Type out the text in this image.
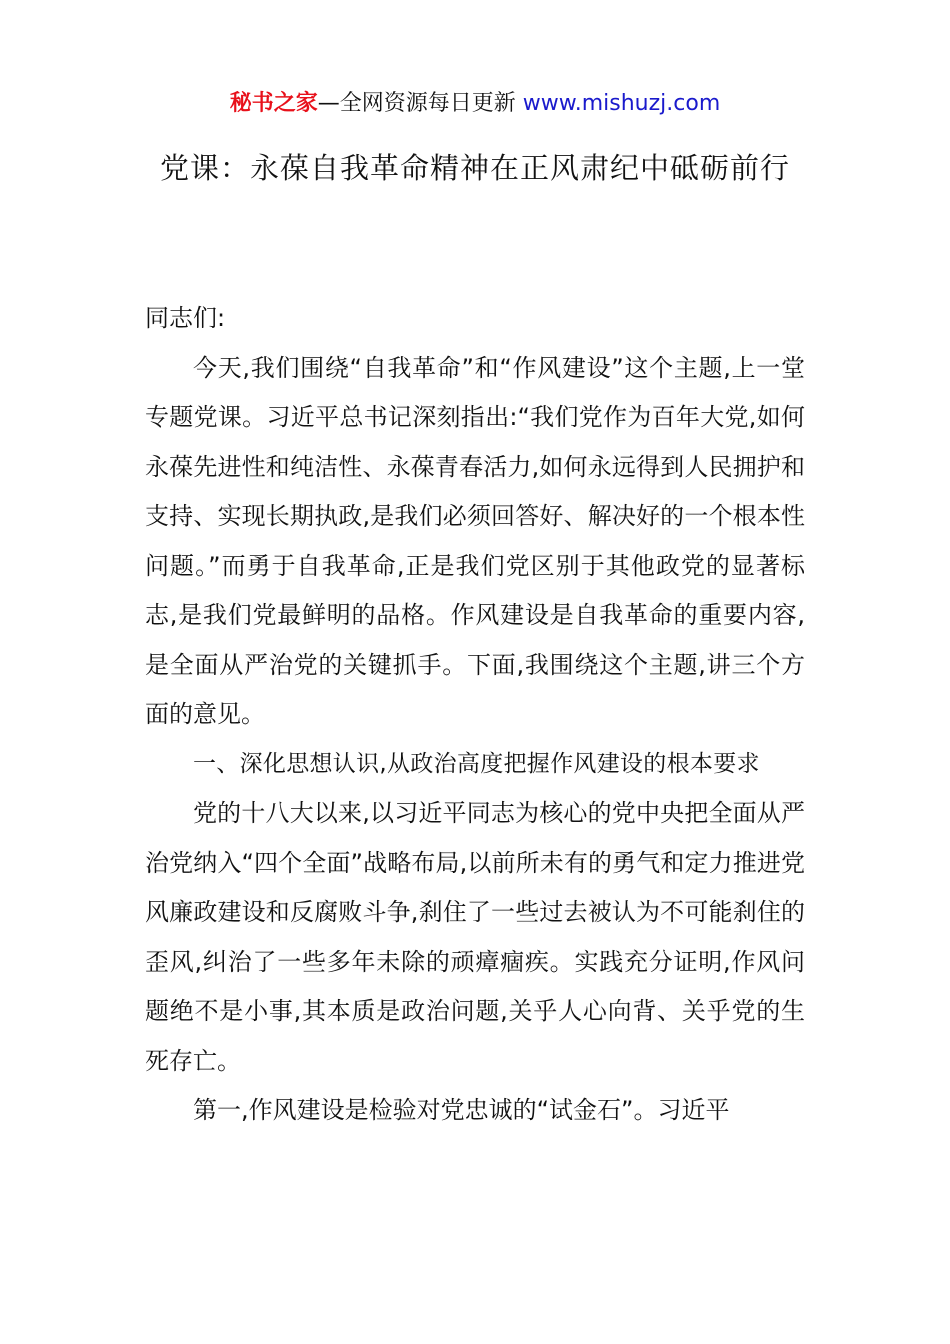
秘书之家—全网资源每日更新 www.mishuzj.com
党课：永葆自我革命精神在正风肃纪中砥砺前行

同志们:

今天,我们围绕“自我革命”和“作风建设”这个主题,上一堂专题党课。习近平总书记深刻指出:“我们党作为百年大党,如何永葆先进性和纯洁性、永葆青春活力,如何永远得到人民拥护和支持、实现长期执政,是我们必须回答好、解决好的一个根本性问题。”而勇于自我革命,正是我们党区别于其他政党的显著标志,是我们党最鲜明的品格。作风建设是自我革命的重要内容,是全面从严治党的关键抓手。下面,我围绕这个主题,讲三个方面的意见。

一、深化思想认识,从政治高度把握作风建设的根本要求

党的十八大以来,以习近平同志为核心的党中央把全面从严治党纳入“四个全面”战略布局,以前所未有的勇气和定力推进党风廉政建设和反腐败斗争,刹住了一些过去被认为不可能刹住的歪风,纠治了一些多年未除的顽瘴痼疾。实践充分证明,作风问题绝不是小事,其本质是政治问题,关乎人心向背、关乎党的生死存亡。

第一,作风建设是检验对党忠诚的“试金石”。习近平
